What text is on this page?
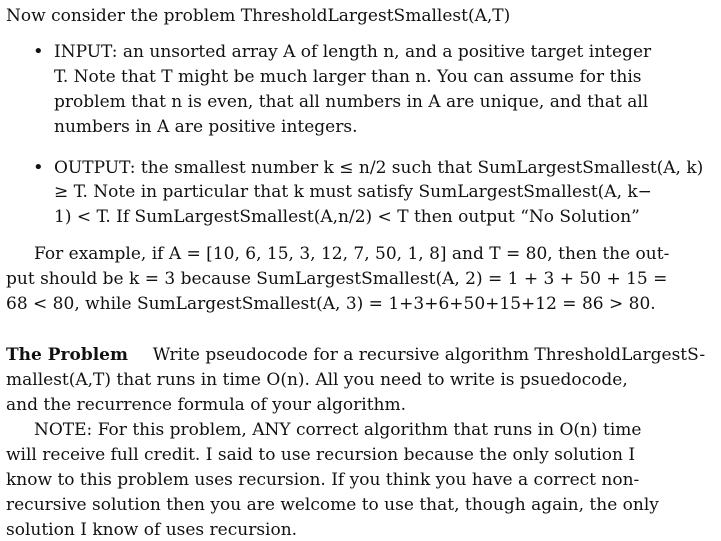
Now consider the problem ThresholdLargestSmallest(A,T)
• INPUT: an unsorted array A of length n, and a positive target integer
T. Note that T might be much larger than n. You can assume for this
problem that n is even, that all numbers in A are unique, and that all
numbers in A are positive integers.
• OUTPUT: the smallest number k ≤ n/2 such that SumLargestSmallest(A, k)
≥ T. Note in particular that k must satisfy SumLargestSmallest(A, k−
1) < T. If SumLargestSmallest(A,n/2) < T then output “No Solution”
For example, if A = [10, 6, 15, 3, 12, 7, 50, 1, 8] and T = 80, then the out-
put should be k = 3 because SumLargestSmallest(A, 2) = 1 + 3 + 50 + 15 =
68 < 80, while SumLargestSmallest(A, 3) = 1+3+6+50+15+12 = 86 > 80.
The Problem Write pseudocode for a recursive algorithm ThresholdLargestS-
mallest(A,T) that runs in time O(n). All you need to write is psuedocode,
and the recurrence formula of your algorithm.
NOTE: For this problem, ANY correct algorithm that runs in O(n) time
will receive full credit. I said to use recursion because the only solution I
know to this problem uses recursion. If you think you have a correct non-
recursive solution then you are welcome to use that, though again, the only
solution I know of uses recursion.
